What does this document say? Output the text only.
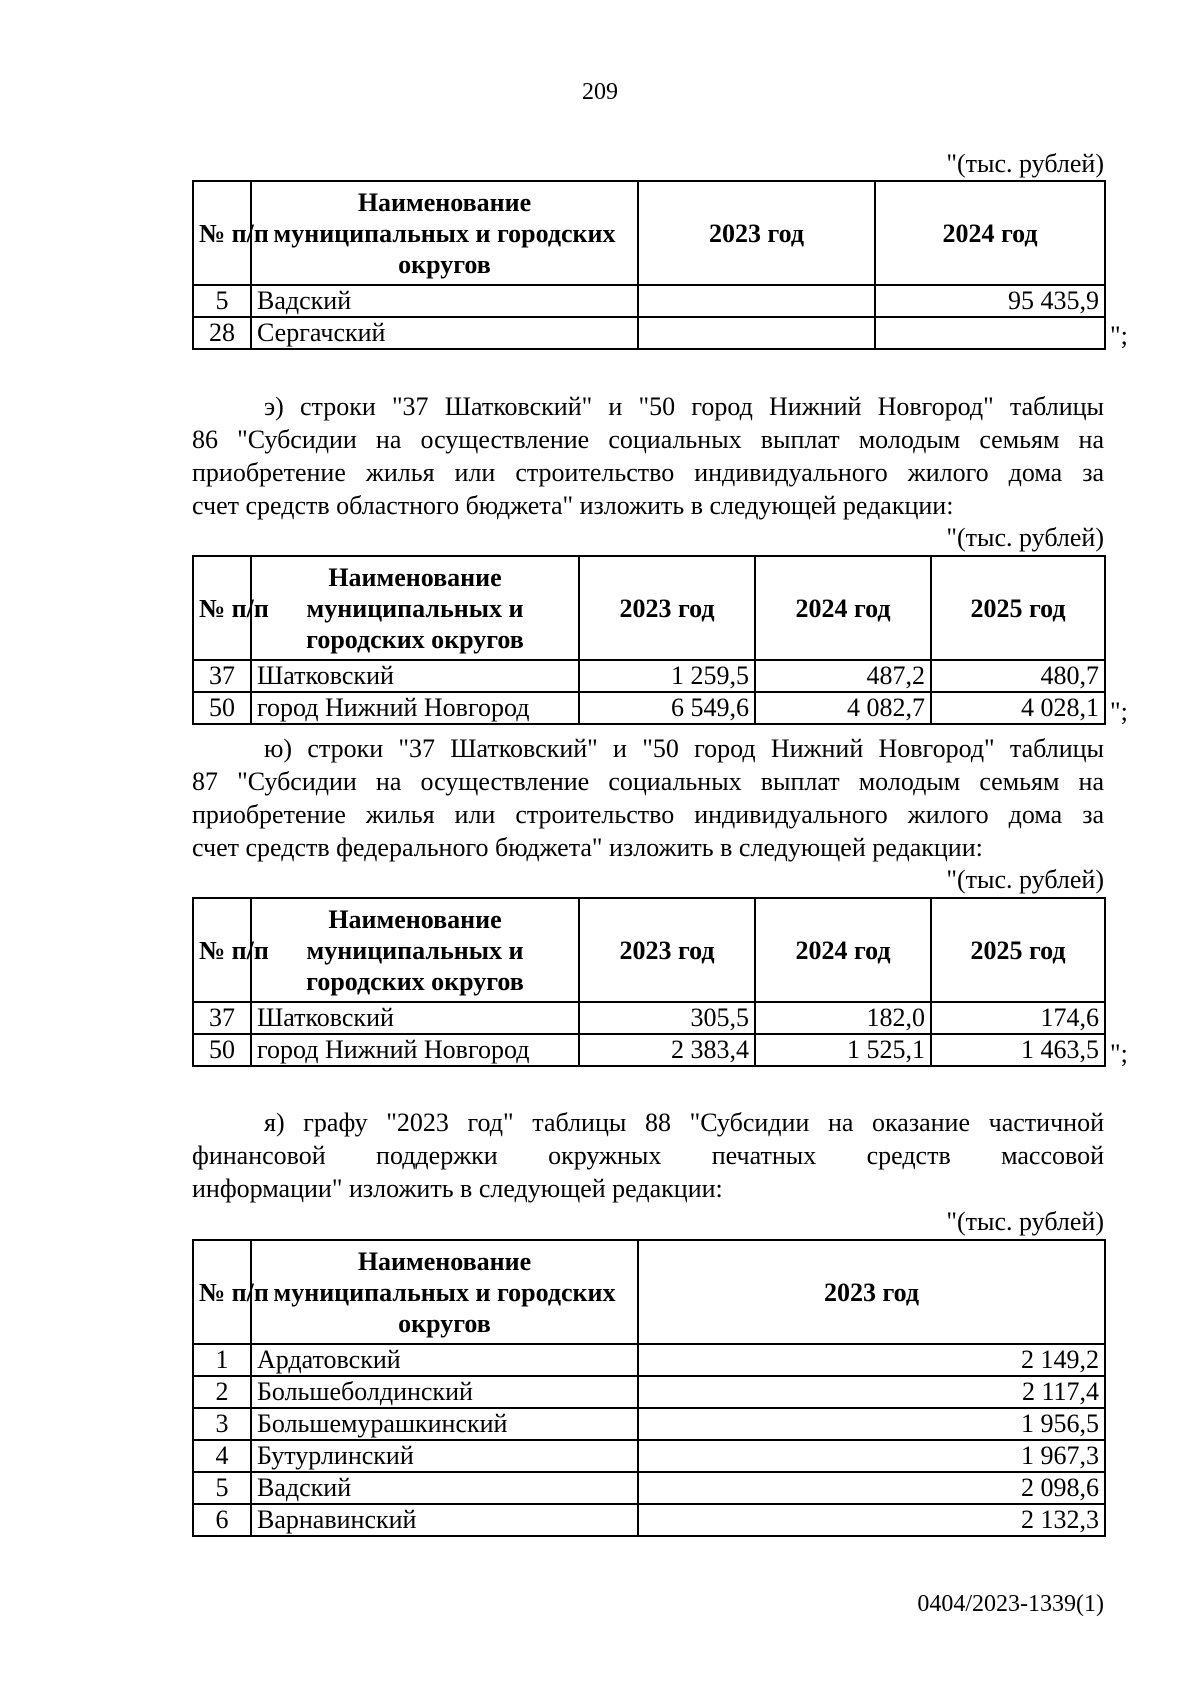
209
"(тыс. рублей)
№ п/п	Наименование муниципальных и городских округов	2023 год	2024 год
5	Вадский		95 435,9
28	Сергачский			";
э) строки "37 Шатковский" и "50 город Нижний Новгород" таблицы
86 "Субсидии на осуществление социальных выплат молодым семьям на
приобретение жилья или строительство индивидуального жилого дома за
счет средств областного бюджета" изложить в следующей редакции:
"(тыс. рублей)
№ п/п	Наименование муниципальных и городских округов	2023 год	2024 год	2025 год
37	Шатковский	1 259,5	487,2	480,7
50	город Нижний Новгород	6 549,6	4 082,7	4 028,1 ";
ю) строки "37 Шатковский" и "50 город Нижний Новгород" таблицы
87 "Субсидии на осуществление социальных выплат молодым семьям на
приобретение жилья или строительство индивидуального жилого дома за
счет средств федерального бюджета" изложить в следующей редакции:
"(тыс. рублей)
№ п/п	Наименование муниципальных и городских округов	2023 год	2024 год	2025 год
37	Шатковский	305,5	182,0	174,6
50	город Нижний Новгород	2 383,4	1 525,1	1 463,5 ";
я) графу "2023 год" таблицы 88 "Субсидии на оказание частичной
финансовой поддержки окружных печатных средств массовой
информации" изложить в следующей редакции:
"(тыс. рублей)
№ п/п	Наименование муниципальных и городских округов	2023 год
1	Ардатовский	2 149,2
2	Большеболдинский	2 117,4
3	Большемурашкинский	1 956,5
4	Бутурлинский	1 967,3
5	Вадский	2 098,6
6	Варнавинский	2 132,3
0404/2023-1339(1)
